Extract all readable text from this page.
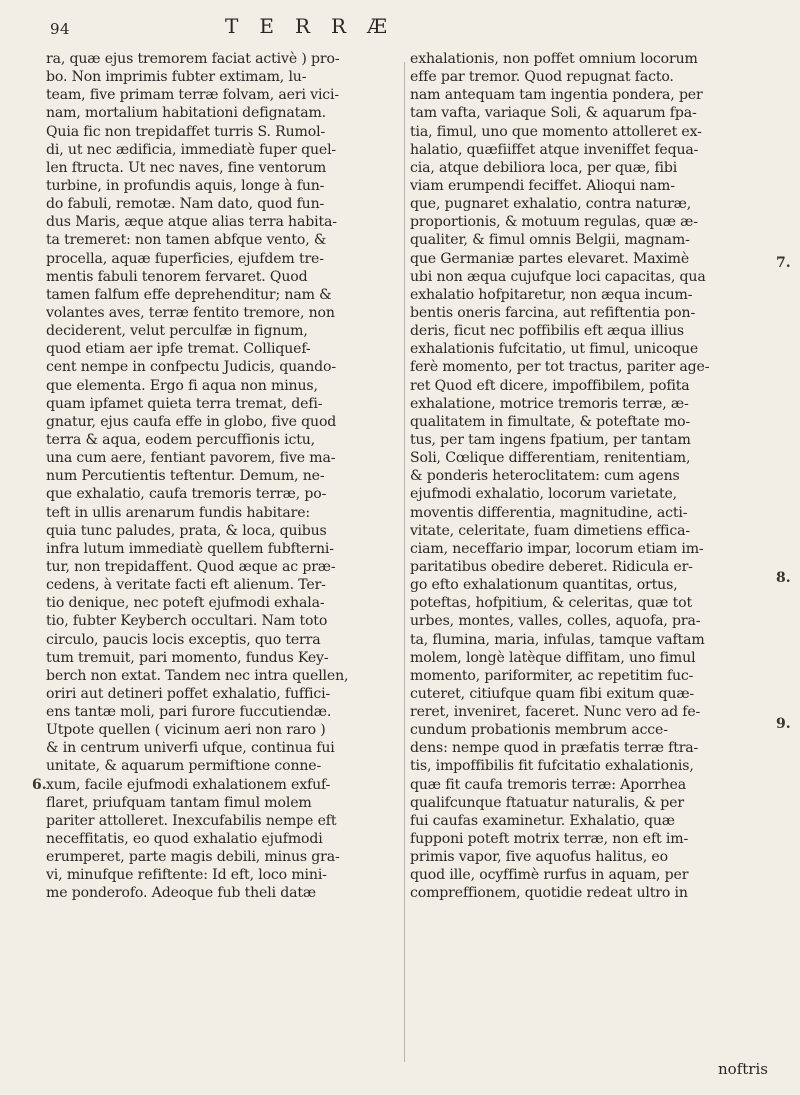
94	TERRÆ
ra, quæ ejus tremorem faciat activè ) pro-
bo. Non imprimis fubter extimam, lu-
team, five primam terræ folvam, aeri vici-
nam, mortalium habitationi defignatam.
Quia fic non trepidaffet turris S. Rumol-
di, ut nec ædificia, immediatè fuper quel-
len ftructa. Ut nec naves, fine ventorum
turbine, in profundis aquis, longe à fun-
do fabuli, remotæ. Nam dato, quod fun-
dus Maris, æque atque alias terra habita-
ta tremeret: non tamen abfque vento, &
procella, aquæ fuperficies, ejufdem tre-
mentis fabuli tenorem fervaret. Quod
tamen falfum effe deprehenditur; nam &
volantes aves, terræ fentito tremore, non
deciderent, velut perculfæ in fignum,
quod etiam aer ipfe tremat. Colliquef-
cent nempe in confpectu Judicis, quando-
que elementa. Ergo fi aqua non minus,
quam ipfamet quieta terra tremat, defi-
gnatur, ejus caufa effe in globo, five quod
terra & aqua, eodem percuffionis ictu,
una cum aere, fentiant pavorem, five ma-
num Percutientis teftentur. Demum, ne-
que exhalatio, caufa tremoris terræ, po-
teft in ullis arenarum fundis habitare:
quia tunc paludes, prata, & loca, quibus
infra lutum immediatè quellem fubfterni-
tur, non trepidaffent. Quod æque ac præ-
cedens, à veritate facti eft alienum. Ter-
tio denique, nec poteft ejufmodi exhala-
tio, fubter Keyberch occultari. Nam toto
circulo, paucis locis exceptis, quo terra
tum tremuit, pari momento, fundus Key-
berch non extat. Tandem nec intra quellen,
oriri aut detineri poffet exhalatio, fuffici-
ens tantæ moli, pari furore fuccutiendæ.
Utpote quellen ( vicinum aeri non raro )
& in centrum univerfi ufque, continua fui
unitate, & aquarum permiftione conne-
xum, facile ejufmodi exhalationem exfuf-
flaret, priufquam tantam fimul molem
pariter attolleret. Inexcufabilis nempe eft
neceffitatis, eo quod exhalatio ejufmodi
erumperet, parte magis debili, minus gra-
vi, minufque refiftente: Id eft, loco mini-
me ponderofo. Adeoque fub theli datæ
exhalationis, non poffet omnium locorum
effe par tremor. Quod repugnat facto.
nam antequam tam ingentia pondera, per
tam vafta, variaque Soli, & aquarum fpa-
tia, fimul, uno que momento attolleret ex-
halatio, quæfiiffet atque inveniffet fequa-
cia, atque debiliora loca, per quæ, fibi
viam erumpendi feciffet. Alioqui nam-
que, pugnaret exhalatio, contra naturæ,
proportionis, & motuum regulas, quæ æ-
qualiter, & fimul omnis Belgii, magnam-
que Germaniæ partes elevaret. Maximè
ubi non æqua cujufque loci capacitas, qua
exhalatio hofpitaretur, non æqua incum-
bentis oneris farcina, aut refiftentia pon-
deris, ficut nec poffibilis eft æqua illius
exhalationis fufcitatio, ut fimul, unicoque
ferè momento, per tot tractus, pariter age-
ret Quod eft dicere, impoffibilem, pofita
exhalatione, motrice tremoris terræ, æ-
qualitatem in fimultate, & poteftate mo-
tus, per tam ingens fpatium, per tantam
Soli, Cœlique differentiam, renitentiam,
& ponderis heteroclitatem: cum agens
ejufmodi exhalatio, locorum varietate,
moventis differentia, magnitudine, acti-
vitate, celeritate, fuam dimetiens effica-
ciam, neceffario impar, locorum etiam im-
paritatibus obedire deberet. Ridicula er-
go efto exhalationum quantitas, ortus,
poteftas, hofpitium, & celeritas, quæ tot
urbes, montes, valles, colles, aquofa, pra-
ta, flumina, maria, infulas, tamque vaftam
molem, longè latèque diffitam, uno fimul
momento, pariformiter, ac repetitim fuc-
cuteret, citiufque quam fibi exitum quæ-
reret, inveniret, faceret. Nunc vero ad fe-
cundum probationis membrum acce-
dens: nempe quod in præfatis terræ ftra-
tis, impoffibilis fit fufcitatio exhalationis,
quæ fit caufa tremoris terræ: Aporrhea
qualifcunque ftatuatur naturalis, & per
fui caufas examinetur. Exhalatio, quæ
fupponi poteft motrix terræ, non eft im-
primis vapor, five aquofus halitus, eo
quod ille, ocyffimè rurfus in aquam, per
compreffionem, quotidie redeat ultro in
6.
7.
8.
9.
noftris
